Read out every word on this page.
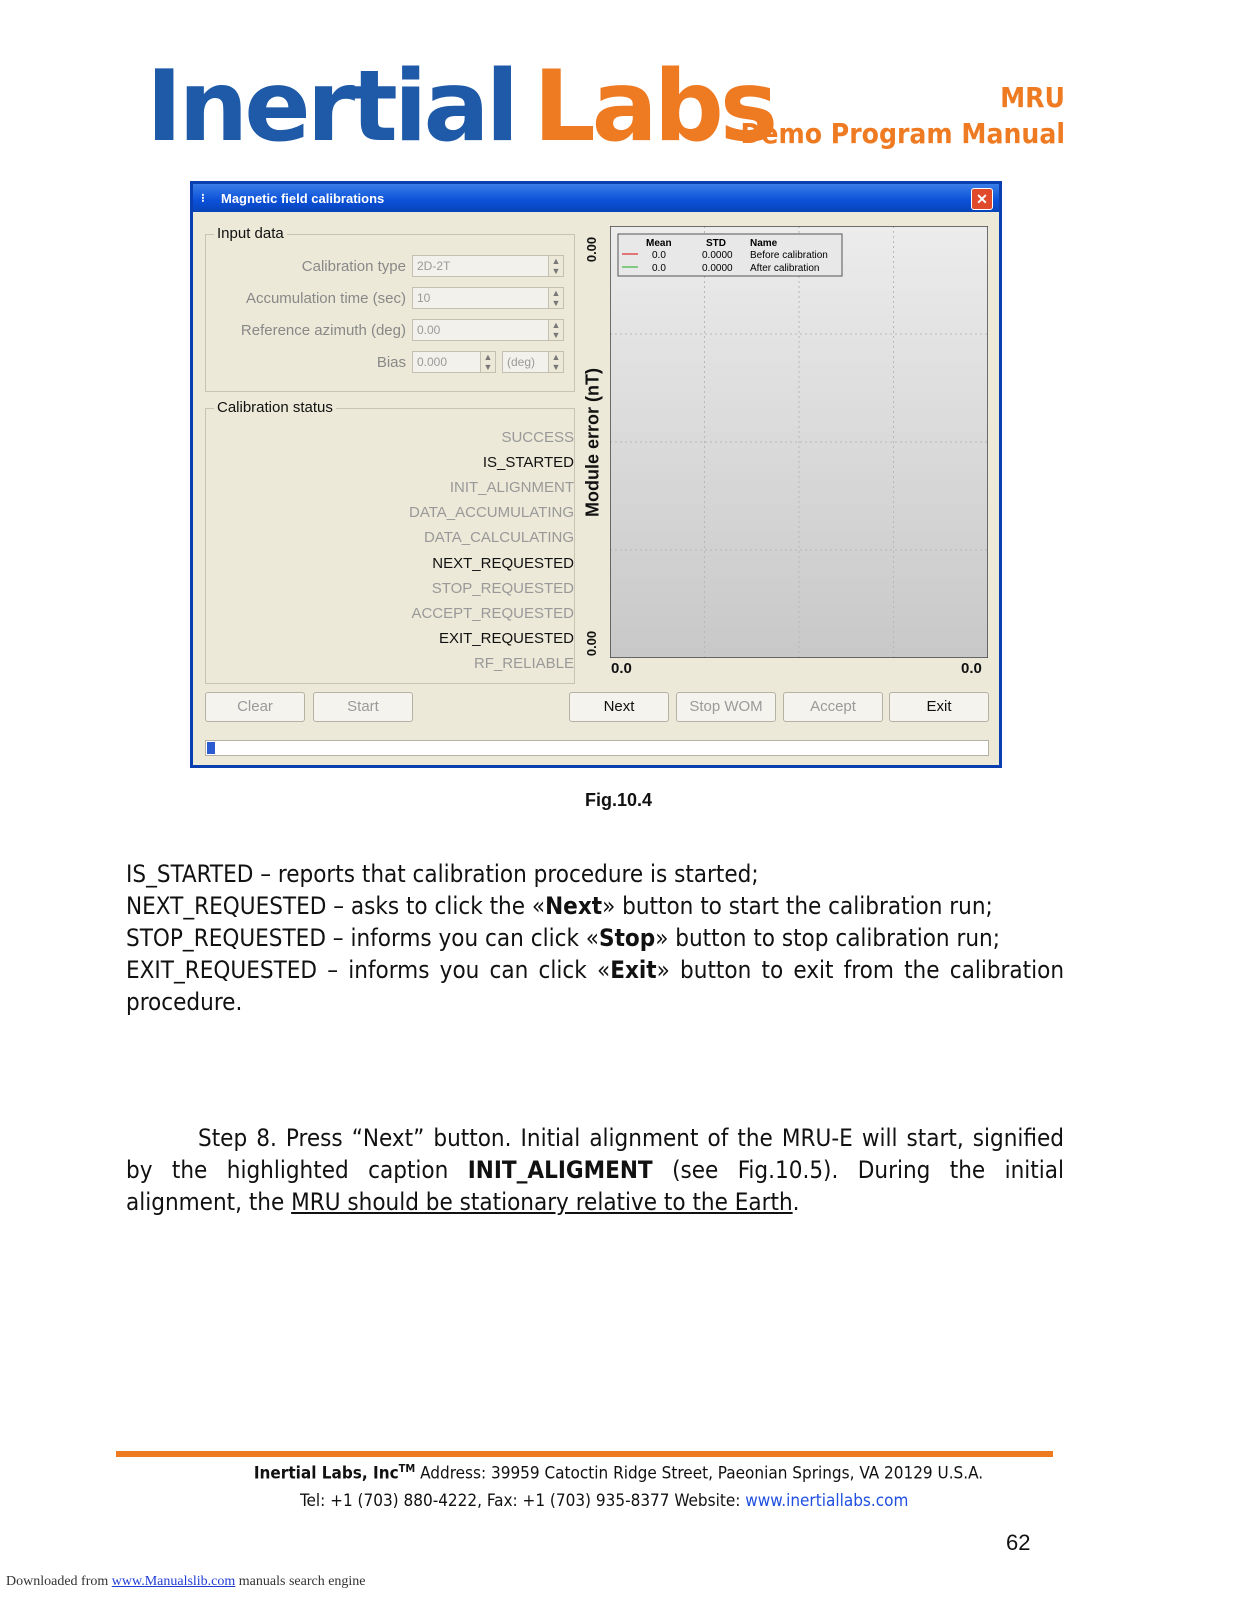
Inertial Labs	MRU
Demo Program Manual
⁝	Magnetic field calibrations	✕
Input data
Calibration type 2D-2T	▲
▼
Accumulation time (sec) 10	▲
▼
Reference azimuth (deg) 0.00	▲
▼
Bias 0.000	▲
▼	(deg)	▲
▼
Calibration status
SUCCESS
IS_STARTED
INIT_ALIGNMENT
DATA_ACCUMULATING
DATA_CALCULATING
NEXT_REQUESTED
STOP_REQUESTED
ACCEPT_REQUESTED
EXIT_REQUESTED
RF_RELIABLE
Mean	STD Name
0.0	0.0000 Before calibration
0.0	0.0000 After calibration
0.00
0.00
Module error (nT)
0.0	0.0
Clear	Start	Next	Stop WOM	Accept	Exit
Fig.10.4
IS_STARTED – reports that calibration procedure is started;
NEXT_REQUESTED – asks to click the «Next» button to start the calibration run;
STOP_REQUESTED – informs you can click «Stop» button to stop calibration run;
EXIT_REQUESTED – informs you can click «Exit» button to exit from the calibration procedure.
Step 8. Press “Next” button. Initial alignment of the MRU-E will start, signified by the highlighted caption INIT_ALIGMENT (see Fig.10.5). During the initial alignment, the MRU should be stationary relative to the Earth.
Inertial Labs, Inc™ Address: 39959 Catoctin Ridge Street, Paeonian Springs, VA 20129 U.S.A.
Tel: +1 (703) 880-4222, Fax: +1 (703) 935-8377 Website: www.inertiallabs.com
62
Downloaded from www.Manualslib.com manuals search engine
